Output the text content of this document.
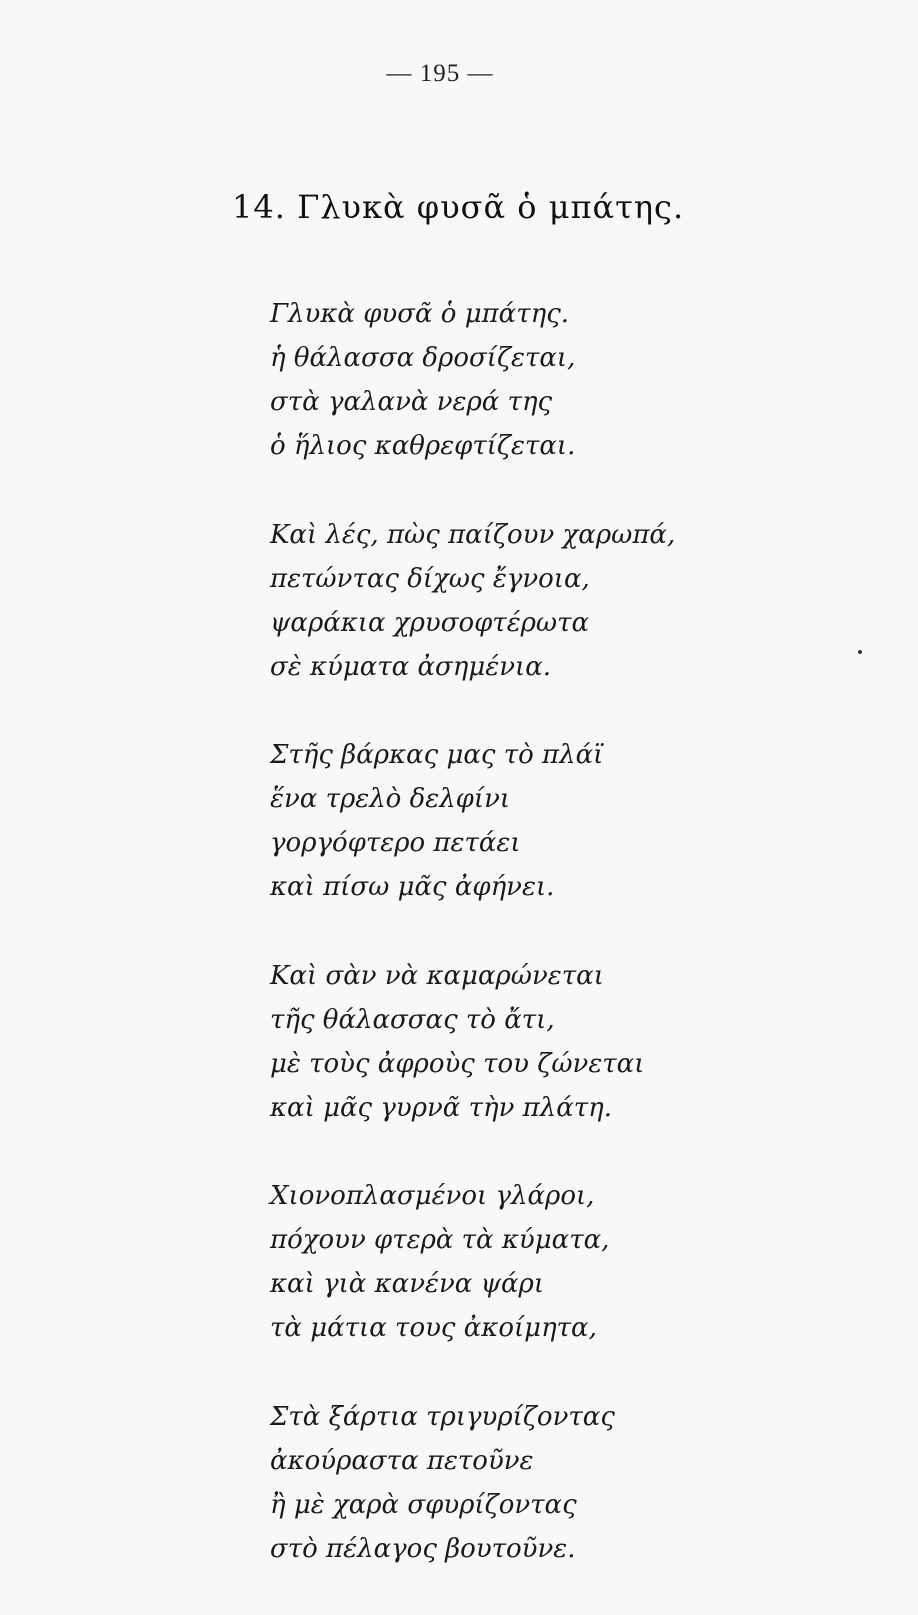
— 195 —
14. Γλυκὰ φυσᾶ ὁ μπάτης.
Γλυκὰ φυσᾶ ὁ μπάτης.
ἡ θάλασσα δροσίζεται,
στὰ γαλανὰ νερά της
ὁ ἥλιος καθρεφτίζεται.
Καὶ λές, πὼς παίζουν χαρωπά,
πετώντας δίχως ἔγνοια,
ψαράκια χρυσοφτέρωτα
σὲ κύματα ἀσημένια.
Στῆς βάρκας μας τὸ πλάϊ
ἕνα τρελὸ δελφίνι
γοργόφτερο πετάει
καὶ πίσω μᾶς ἀφήνει.
Καὶ σὰν νὰ καμαρώνεται
τῆς θάλασσας τὸ ἄτι,
μὲ τοὺς ἀφροὺς του ζώνεται
καὶ μᾶς γυρνᾶ τὴν πλάτη.
Χιονοπλασμένοι γλάροι,
πόχουν φτερὰ τὰ κύματα,
καὶ γιὰ κανένα ψάρι
τὰ μάτια τους ἀκοίμητα,
Στὰ ξάρτια τριγυρίζοντας
ἀκούραστα πετοῦνε
ἢ μὲ χαρὰ σφυρίζοντας
στὸ πέλαγος βουτοῦνε.
